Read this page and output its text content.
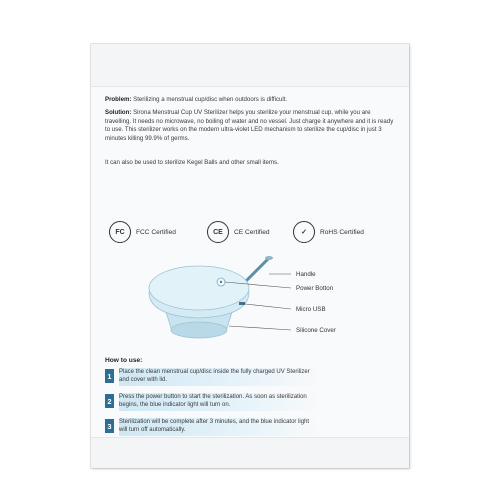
Problem: Sterilizing a menstrual cup/disc when outdoors is difficult.
Solution: Sirona Menstrual Cup UV Sterilizer helps you sterilize your menstrual cup, while you are travelling. It needs no microwave, no boiling of water and no vessel. Just charge it anywhere and it is ready to use. This sterilizer works on the modern ultra-violet LED mechanism to sterilize the cup/disc in just 3 minutes killing 99.9% of germs.
It can also be used to sterilize Kegel Balls and other small items.
FC	FCC Certified	CE	CE Certified	✓	RoHS Certified
Handle
Power Botton
Micro USB
Silicone Cover
How to use:
1	Place the clean menstrual cup/disc inside the fully charged UV Sterilizer and cover with lid.
2	Press the power button to start the sterilization. As soon as sterilization begins, the blue indicator light will turn on.
3	Sterilization will be complete after 3 minutes, and the blue indicator light will turn off automatically.
